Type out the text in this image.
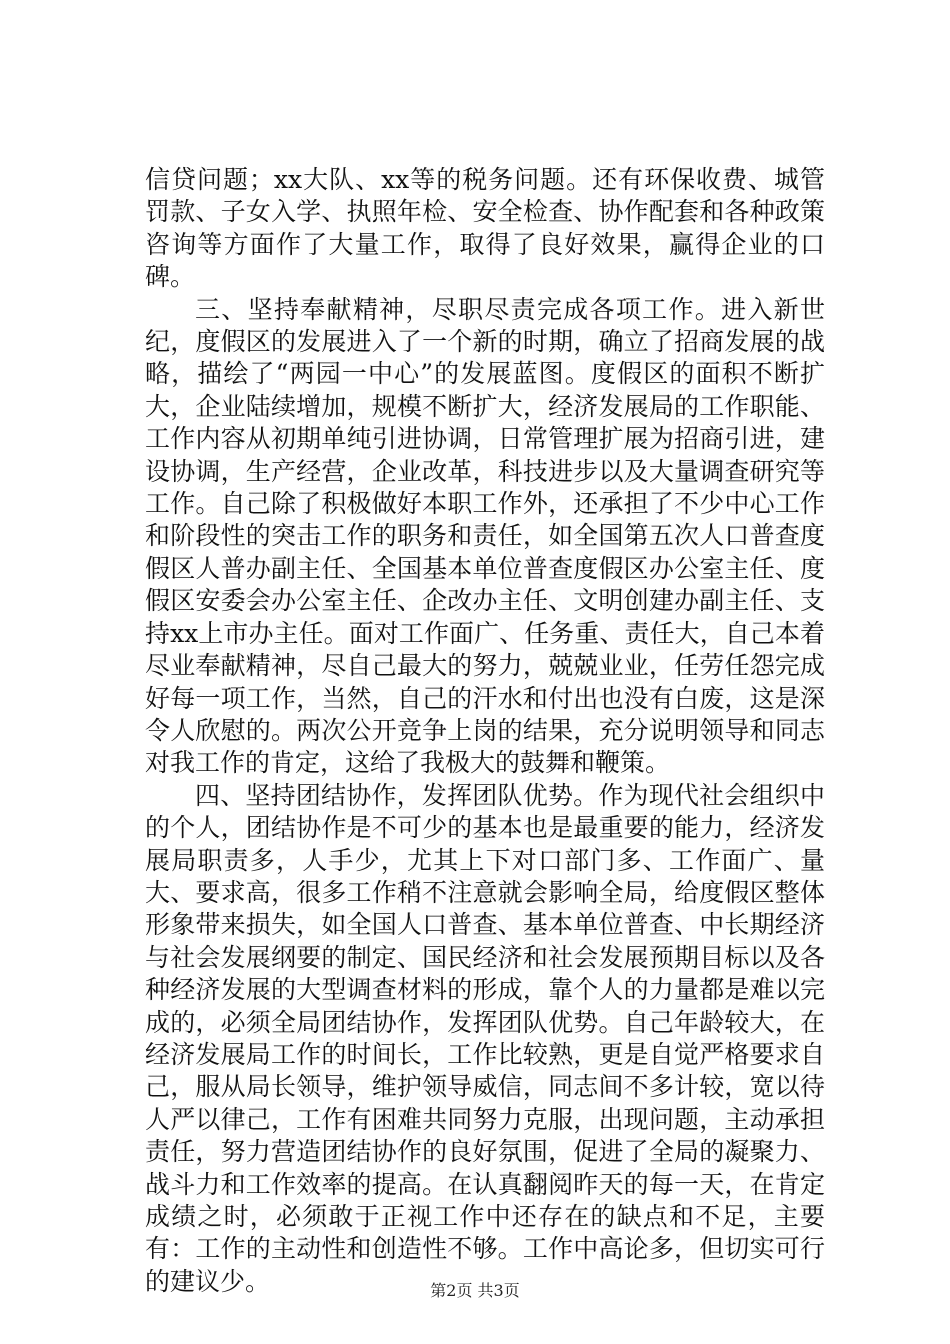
信贷问题；xx大队、xx等的税务问题。还有环保收费、城管罚款、子女入学、执照年检、安全检查、协作配套和各种政策咨询等方面作了大量工作，取得了良好效果，赢得企业的口碑。

三、坚持奉献精神，尽职尽责完成各项工作。进入新世纪，度假区的发展进入了一个新的时期，确立了招商发展的战略，描绘了“两园一中心”的发展蓝图。度假区的面积不断扩大，企业陆续增加，规模不断扩大，经济发展局的工作职能、工作内容从初期单纯引进协调，日常管理扩展为招商引进，建设协调，生产经营，企业改革，科技进步以及大量调查研究等工作。自己除了积极做好本职工作外，还承担了不少中心工作和阶段性的突击工作的职务和责任，如全国第五次人口普查度假区人普办副主任、全国基本单位普查度假区办公室主任、度假区安委会办公室主任、企改办主任、文明创建办副主任、支持xx上市办主任。面对工作面广、任务重、责任大，自己本着尽业奉献精神，尽自己最大的努力，兢兢业业，任劳任怨完成好每一项工作，当然，自己的汗水和付出也没有白废，这是深令人欣慰的。两次公开竞争上岗的结果，充分说明领导和同志对我工作的肯定，这给了我极大的鼓舞和鞭策。

四、坚持团结协作，发挥团队优势。作为现代社会组织中的个人，团结协作是不可少的基本也是最重要的能力，经济发展局职责多，人手少，尤其上下对口部门多、工作面广、量大、要求高，很多工作稍不注意就会影响全局，给度假区整体形象带来损失，如全国人口普查、基本单位普查、中长期经济与社会发展纲要的制定、国民经济和社会发展预期目标以及各种经济发展的大型调查材料的形成，靠个人的力量都是难以完成的，必须全局团结协作，发挥团队优势。自己年龄较大，在经济发展局工作的时间长，工作比较熟，更是自觉严格要求自己，服从局长领导，维护领导威信，同志间不多计较，宽以待人严以律己，工作有困难共同努力克服，出现问题，主动承担责任，努力营造团结协作的良好氛围，促进了全局的凝聚力、战斗力和工作效率的提高。在认真翻阅昨天的每一天，在肯定成绩之时，必须敢于正视工作中还存在的缺点和不足，主要有：工作的主动性和创造性不够。工作中高论多，但切实可行的建议少。	第2页 共3页
